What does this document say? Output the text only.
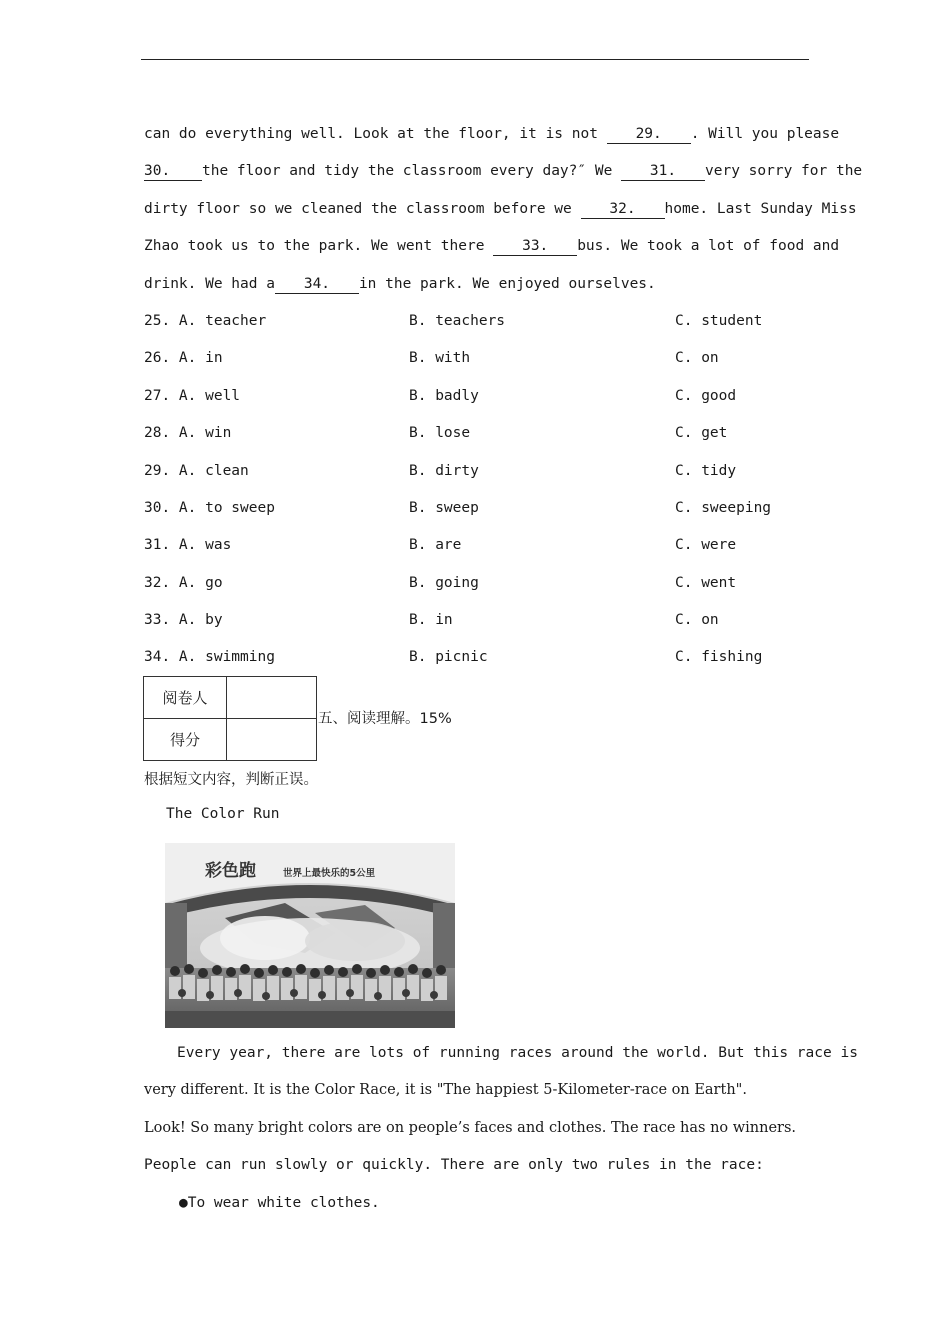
can do everything well. Look at the floor, it is not 29. . Will you please
30. the floor and tidy the classroom every day?″ We 31. very sorry for the
dirty floor so we cleaned the classroom before we 32. home. Last Sunday Miss
Zhao took us to the park. We went there 33. bus. We took a lot of food and
drink. We had a 34. in the park. We enjoyed ourselves.
25. A. teacher	B. teachers	C. student
26. A. in	B. with	C. on
27. A. well	B. badly	C. good
28. A. win	B. lose	C. get
29. A. clean	B. dirty	C. tidy
30. A. to sweep	B. sweep	C. sweeping
31. A. was	B. are	C. were
32. A. go	B. going	C. went
33. A. by	B. in	C. on
34. A. swimming	B. picnic	C. fishing
阅卷人	
得分	
五、阅读理解。15%
根据短文内容，判断正误。
The Color Run
彩色跑	世界上最快乐的5公里
Every year, there are lots of running races around the world. But this race is
very different. It is the Color Race, it is "The happiest 5-Kilometer-race on Earth".
Look! So many bright colors are on people’s faces and clothes. The race has no winners.
People can run slowly or quickly. There are only two rules in the race:
●To wear white clothes.
